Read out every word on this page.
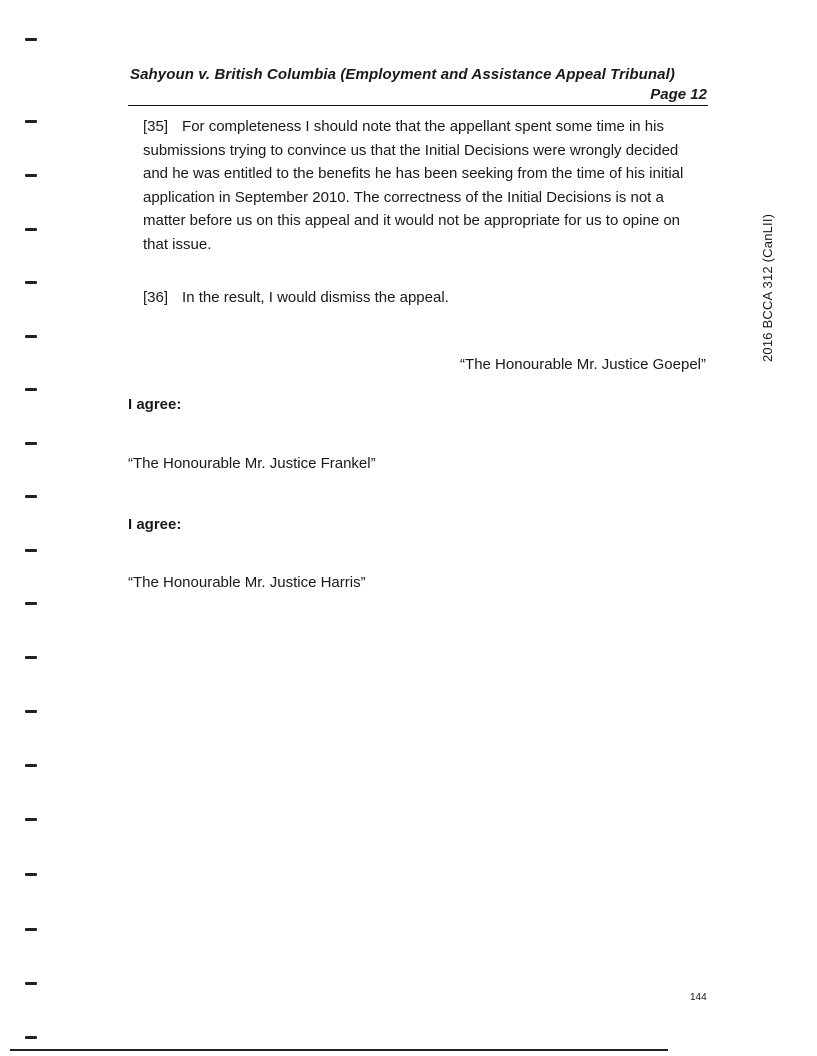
Sahyoun v. British Columbia (Employment and Assistance Appeal Tribunal)
Page 12
[35] For completeness I should note that the appellant spent some time in his submissions trying to convince us that the Initial Decisions were wrongly decided and he was entitled to the benefits he has been seeking from the time of his initial application in September 2010. The correctness of the Initial Decisions is not a matter before us on this appeal and it would not be appropriate for us to opine on that issue.
[36] In the result, I would dismiss the appeal.
“The Honourable Mr. Justice Goepel”
I agree:
“The Honourable Mr. Justice Frankel”
I agree:
“The Honourable Mr. Justice Harris”
2016 BCCA 312 (CanLII)
144
